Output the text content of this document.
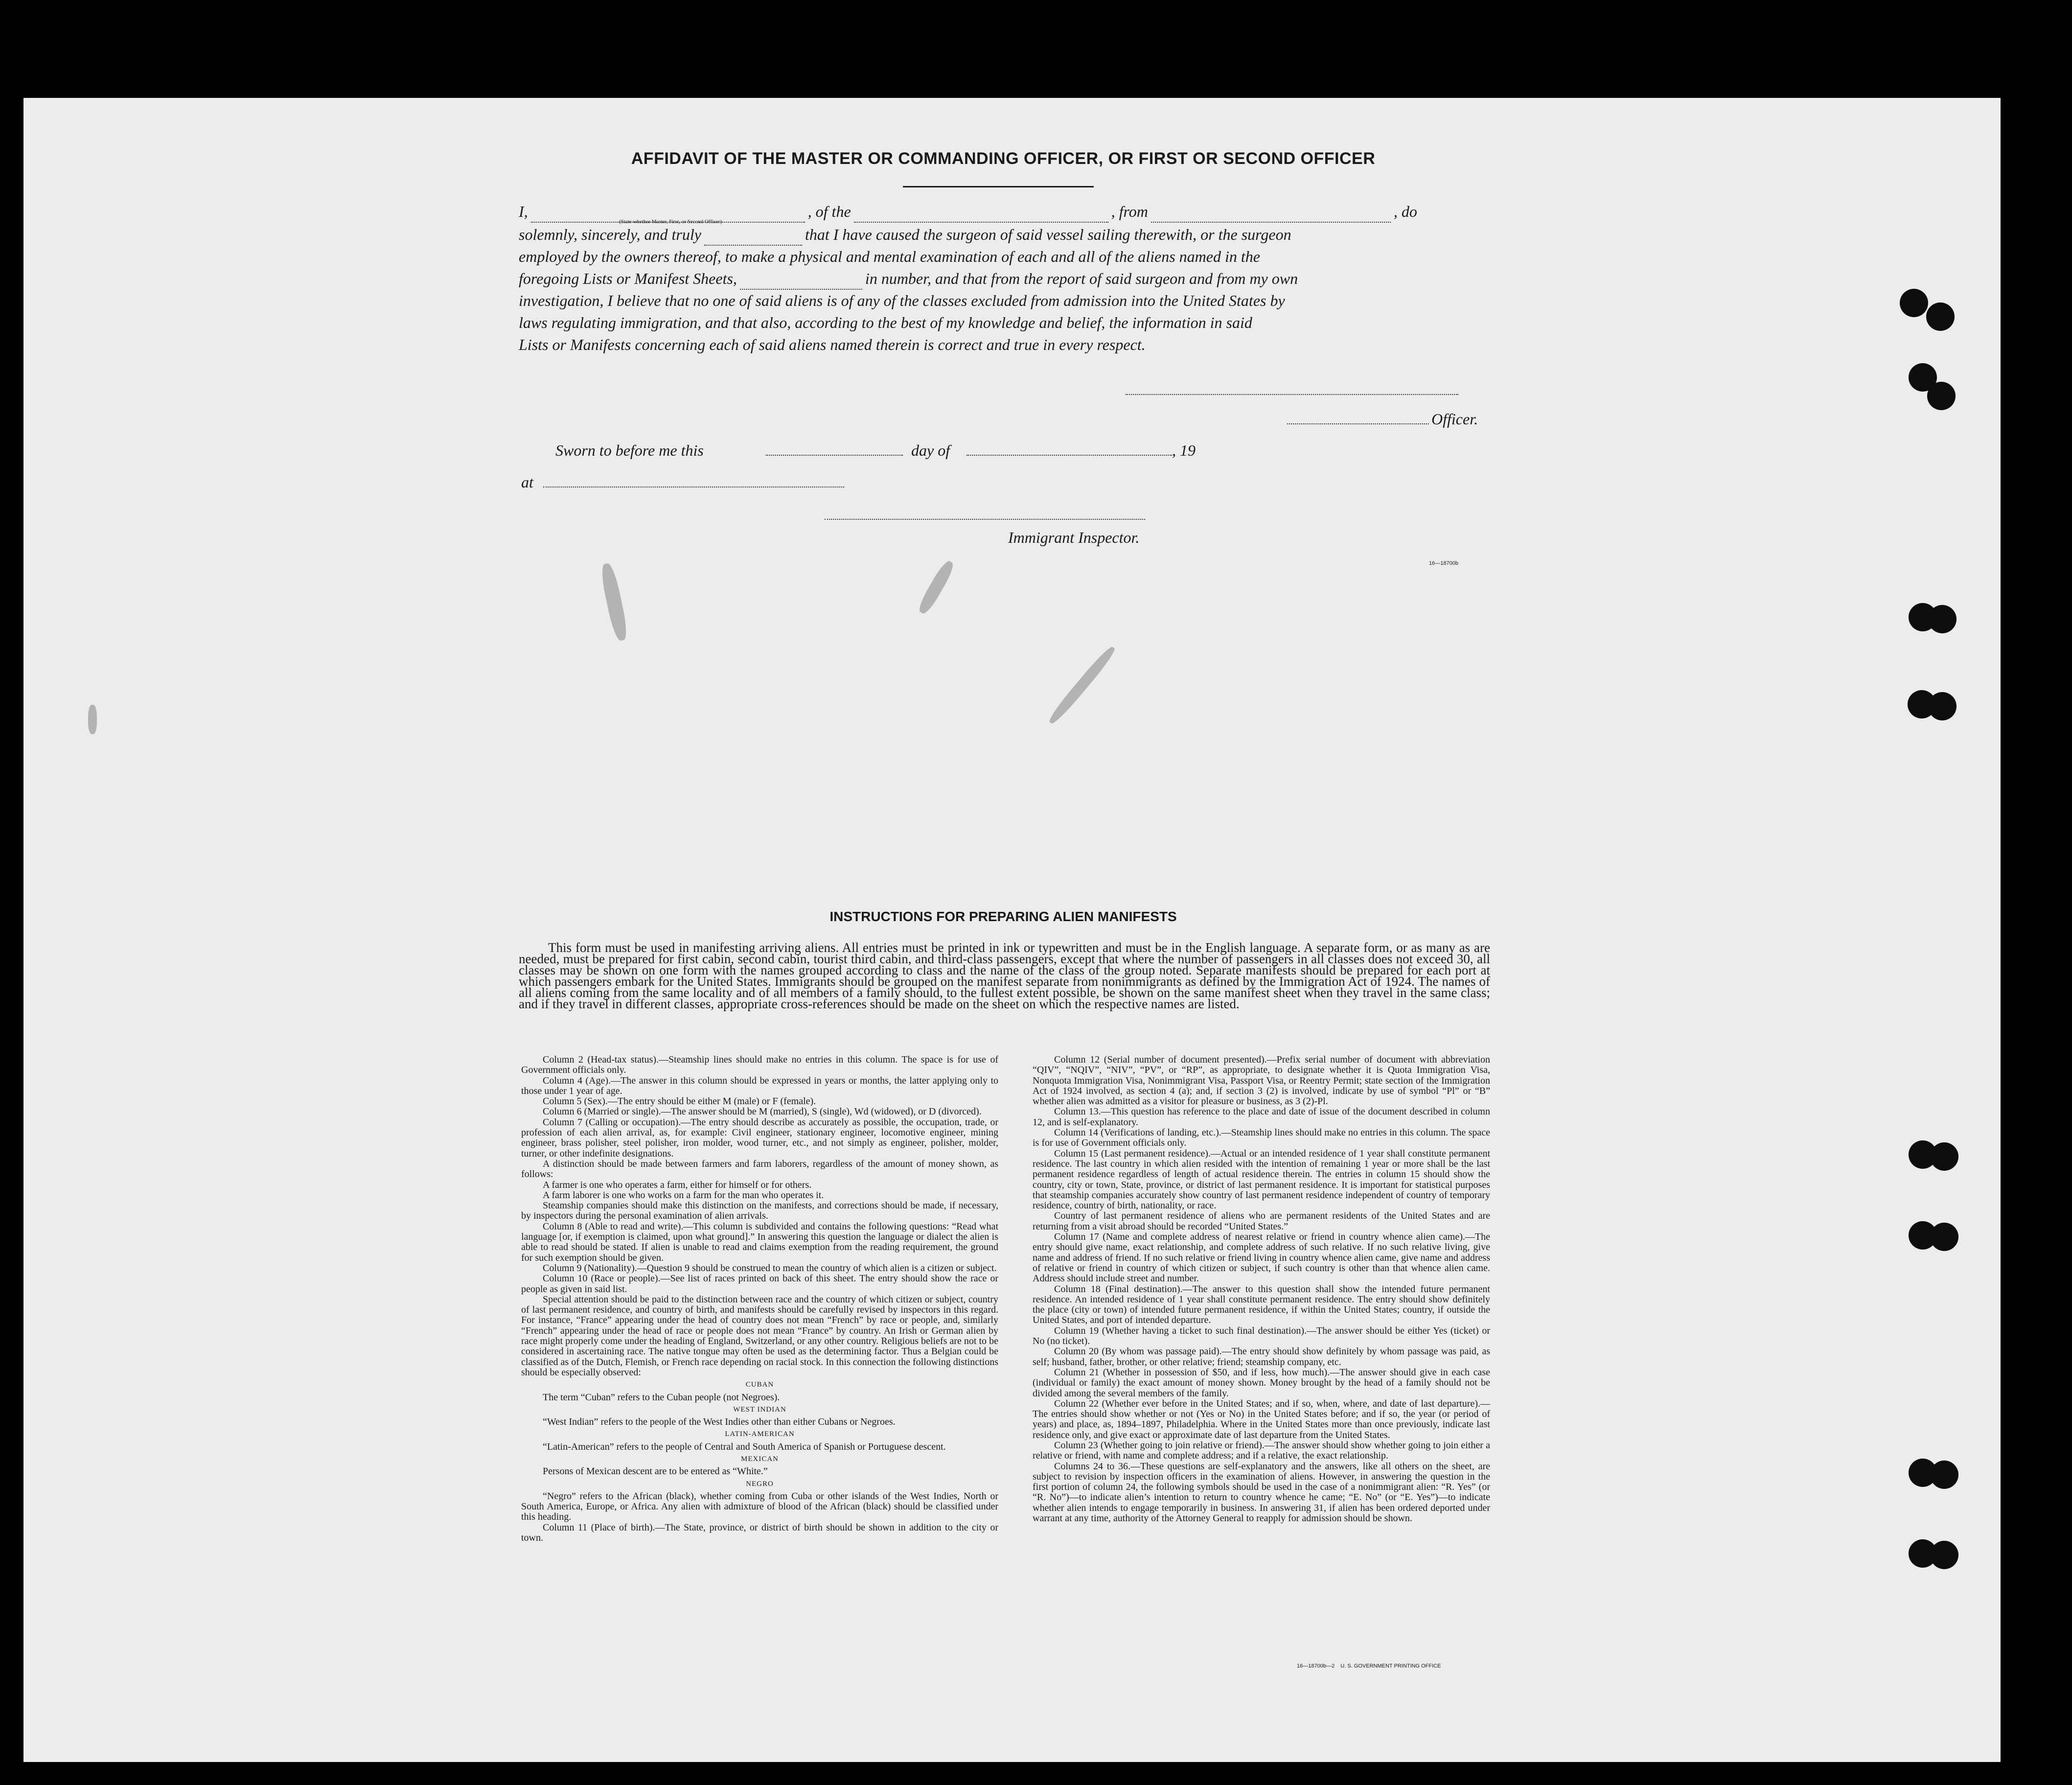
AFFIDAVIT OF THE MASTER OR COMMANDING OFFICER, OR FIRST OR SECOND OFFICER
I,	, of the	, from	, do
(State whether Master, First, or Second Officer)
solemnly, sincerely, and truly	that I have caused the surgeon of said vessel sailing therewith, or the surgeon
employed by the owners thereof, to make a physical and mental examination of each and all of the aliens named in the
foregoing Lists or Manifest Sheets,	in number, and that from the report of said surgeon and from my own
investigation, I believe that no one of said aliens is of any of the classes excluded from admission into the United States by
laws regulating immigration, and that also, according to the best of my knowledge and belief, the information in said
Lists or Manifests concerning each of said aliens named therein is correct and true in every respect.
Officer.
Sworn to before me this	day of	, 19
at
Immigrant Inspector.
16—18700b
INSTRUCTIONS FOR PREPARING ALIEN MANIFESTS
This form must be used in manifesting arriving aliens. All entries must be printed in ink or typewritten and must be in the English language. A separate form, or as many as are needed, must be prepared for first cabin, second cabin, tourist third cabin, and third-class passengers, except that where the number of passengers in all classes does not exceed 30, all classes may be shown on one form with the names grouped according to class and the name of the class of the group noted. Separate manifests should be prepared for each port at which passengers embark for the United States. Immigrants should be grouped on the manifest separate from nonimmigrants as defined by the Immigration Act of 1924. The names of all aliens coming from the same locality and of all members of a family should, to the fullest extent possible, be shown on the same manifest sheet when they travel in the same class; and if they travel in different classes, appropriate cross-references should be made on the sheet on which the respective names are listed.

Column 2 (Head-tax status).—Steamship lines should make no entries in this column. The space is for use of Government officials only.

Column 4 (Age).—The answer in this column should be expressed in years or months, the latter applying only to those under 1 year of age.

Column 5 (Sex).—The entry should be either M (male) or F (female).

Column 6 (Married or single).—The answer should be M (married), S (single), Wd (widowed), or D (divorced).

Column 7 (Calling or occupation).—The entry should describe as accurately as possible, the occupation, trade, or profession of each alien arrival, as, for example: Civil engineer, stationary engineer, locomotive engineer, mining engineer, brass polisher, steel polisher, iron molder, wood turner, etc., and not simply as engineer, polisher, molder, turner, or other indefinite designations.

A distinction should be made between farmers and farm laborers, regardless of the amount of money shown, as follows:

A farmer is one who operates a farm, either for himself or for others.

A farm laborer is one who works on a farm for the man who operates it.

Steamship companies should make this distinction on the manifests, and corrections should be made, if necessary, by inspectors during the personal examination of alien arrivals.

Column 8 (Able to read and write).—This column is subdivided and contains the following questions: “Read what language [or, if exemption is claimed, upon what ground].” In answering this question the language or dialect the alien is able to read should be stated. If alien is unable to read and claims exemption from the reading requirement, the ground for such exemption should be given.

Column 9 (Nationality).—Question 9 should be construed to mean the country of which alien is a citizen or subject.

Column 10 (Race or people).—See list of races printed on back of this sheet. The entry should show the race or people as given in said list.

Special attention should be paid to the distinction between race and the country of which citizen or subject, country of last permanent residence, and country of birth, and manifests should be carefully revised by inspectors in this regard. For instance, “France” appearing under the head of country does not mean “French” by race or people, and, similarly “French” appearing under the head of race or people does not mean “France” by country. An Irish or German alien by race might properly come under the heading of England, Switzerland, or any other country. Religious beliefs are not to be considered in ascertaining race. The native tongue may often be used as the determining factor. Thus a Belgian could be classified as of the Dutch, Flemish, or French race depending on racial stock. In this connection the following distinctions should be especially observed:

CUBAN

The term “Cuban” refers to the Cuban people (not Negroes).

WEST INDIAN

“West Indian” refers to the people of the West Indies other than either Cubans or Negroes.

LATIN-AMERICAN

“Latin-American” refers to the people of Central and South America of Spanish or Portuguese descent.

MEXICAN

Persons of Mexican descent are to be entered as “White.”

NEGRO

“Negro” refers to the African (black), whether coming from Cuba or other islands of the West Indies, North or South America, Europe, or Africa. Any alien with admixture of blood of the African (black) should be classified under this heading.

Column 11 (Place of birth).—The State, province, or district of birth should be shown in addition to the city or town.

Column 12 (Serial number of document presented).—Prefix serial number of document with abbreviation “QIV”, “NQIV”, “NIV”, “PV”, or “RP”, as appropriate, to designate whether it is Quota Immigration Visa, Nonquota Immigration Visa, Nonimmigrant Visa, Passport Visa, or Reentry Permit; state section of the Immigration Act of 1924 involved, as section 4 (a); and, if section 3 (2) is involved, indicate by use of symbol “Pl” or “B” whether alien was admitted as a visitor for pleasure or business, as 3 (2)-Pl.

Column 13.—This question has reference to the place and date of issue of the document described in column 12, and is self-explanatory.

Column 14 (Verifications of landing, etc.).—Steamship lines should make no entries in this column. The space is for use of Government officials only.

Column 15 (Last permanent residence).—Actual or an intended residence of 1 year shall constitute permanent residence. The last country in which alien resided with the intention of remaining 1 year or more shall be the last permanent residence regardless of length of actual residence therein. The entries in column 15 should show the country, city or town, State, province, or district of last permanent residence. It is important for statistical purposes that steamship companies accurately show country of last permanent residence independent of country of temporary residence, country of birth, nationality, or race.

Country of last permanent residence of aliens who are permanent residents of the United States and are returning from a visit abroad should be recorded “United States.”

Column 17 (Name and complete address of nearest relative or friend in country whence alien came).—The entry should give name, exact relationship, and complete address of such relative. If no such relative living, give name and address of friend. If no such relative or friend living in country whence alien came, give name and address of relative or friend in country of which citizen or subject, if such country is other than that whence alien came. Address should include street and number.

Column 18 (Final destination).—The answer to this question shall show the intended future permanent residence. An intended residence of 1 year shall constitute permanent residence. The entry should show definitely the place (city or town) of intended future permanent residence, if within the United States; country, if outside the United States, and port of intended departure.

Column 19 (Whether having a ticket to such final destination).—The answer should be either Yes (ticket) or No (no ticket).

Column 20 (By whom was passage paid).—The entry should show definitely by whom passage was paid, as self; husband, father, brother, or other relative; friend; steamship company, etc.

Column 21 (Whether in possession of $50, and if less, how much).—The answer should give in each case (individual or family) the exact amount of money shown. Money brought by the head of a family should not be divided among the several members of the family.

Column 22 (Whether ever before in the United States; and if so, when, where, and date of last departure).—The entries should show whether or not (Yes or No) in the United States before; and if so, the year (or period of years) and place, as, 1894–1897, Philadelphia. Where in the United States more than once previously, indicate last residence only, and give exact or approximate date of last departure from the United States.

Column 23 (Whether going to join relative or friend).—The answer should show whether going to join either a relative or friend, with name and complete address; and if a relative, the exact relationship.

Columns 24 to 36.—These questions are self-explanatory and the answers, like all others on the sheet, are subject to revision by inspection officers in the examination of aliens. However, in answering the question in the first portion of column 24, the following symbols should be used in the case of a nonimmigrant alien: “R. Yes” (or “R. No”)—to indicate alien’s intention to return to country whence he came; “E. No” (or “E. Yes”)—to indicate whether alien intends to engage temporarily in business. In answering 31, if alien has been ordered deported under warrant at any time, authority of the Attorney General to reapply for admission should be shown.

16—18700b—2    U. S. GOVERNMENT PRINTING OFFICE
